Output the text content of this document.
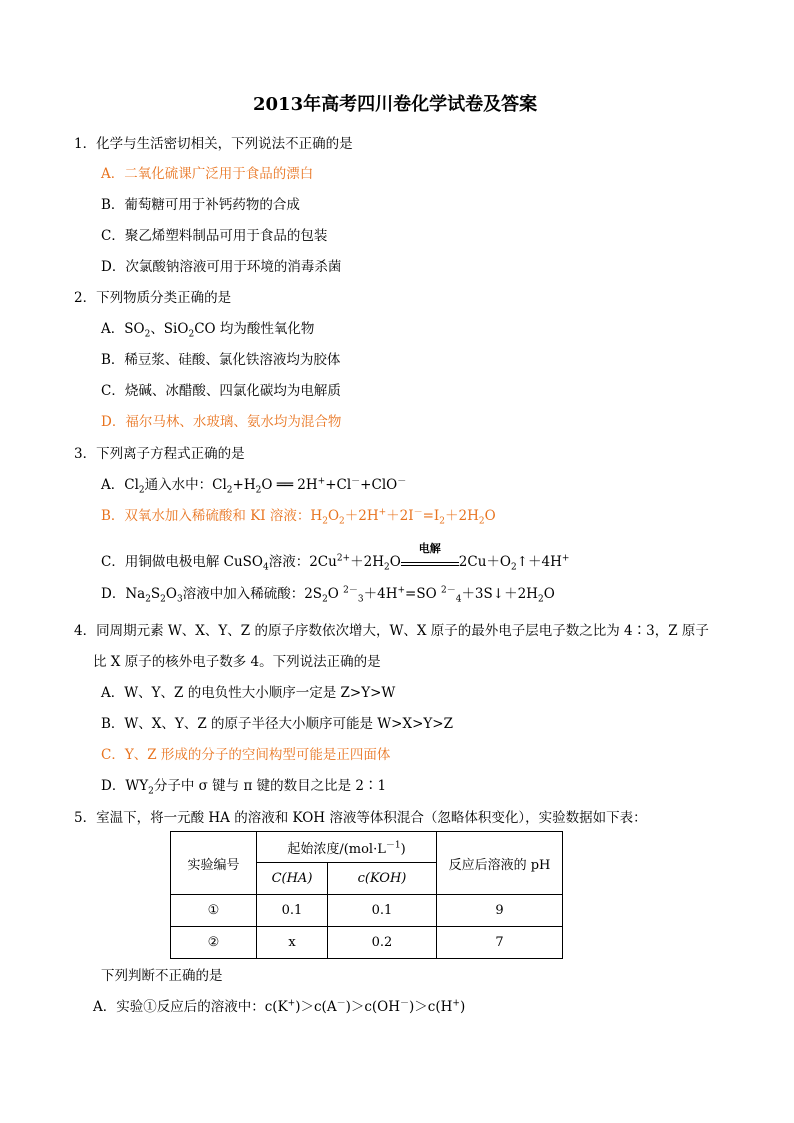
2013年高考四川卷化学试卷及答案
1．化学与生活密切相关，下列说法不正确的是
A．二氧化硫课广泛用于食品的漂白
B．葡萄糖可用于补钙药物的合成
C．聚乙烯塑料制品可用于食品的包装
D．次氯酸钠溶液可用于环境的消毒杀菌
2．下列物质分类正确的是
A．$SO_2$、SiO$_2$CO 均为酸性氧化物
B．稀豆浆、硅酸、氯化铁溶液均为胶体
C．烧碱、冰醋酸、四氯化碳均为电解质
D．福尔马林、水玻璃、氨水均为混合物
3．下列离子方程式正确的是
A．$Cl_2$通入水中：$Cl_2+H_2O$ ══ 2H++Cl－+ClO－
B．双氧水加入稀硫酸和 KI 溶液：$H_2O_2+2H^++2I^-=I_2+2H_2O$
C．用铜做电极电解 CuSO$_4$溶液：$2Cu^{2+}+2H_2O$
电解
$2Cu+O_2↑+4H^+$
D．$Na_2S_2O_3$溶液中加入稀硫酸：$2S_2O$ $^{2-}_3$＋4H+=SO $^{2-}_4+3S↓+2H_2O$
4．同周期元素 W、X、Y、Z 的原子序数依次增大，W、X 原子的最外电子层电子数之比为 4∶3，Z 原子
比 X 原子的核外电子数多 4。下列说法正确的是
A．W、Y、Z 的电负性大小顺序一定是 Z>Y>W
B．W、X、Y、Z 的原子半径大小顺序可能是 W>X>Y>Z
C．Y、Z 形成的分子的空间构型可能是正四面体
D．$WY_2$分子中 σ 键与 π 键的数目之比是 2∶1
5．室温下，将一元酸 HA 的溶液和 KOH 溶液等体积混合（忽略体积变化），实验数据如下表：
实验编号	起始浓度$/(mol\cdot L^{-1})$		反应后溶液的 pH
	C(HA)	c(KOH)	
①	0.1	0.1	9
②	x	0.2	7
下列判断不正确的是
A．实验①反应后的溶液中：c(K+)＞c(A－)＞c(OH－)＞c(H+)
